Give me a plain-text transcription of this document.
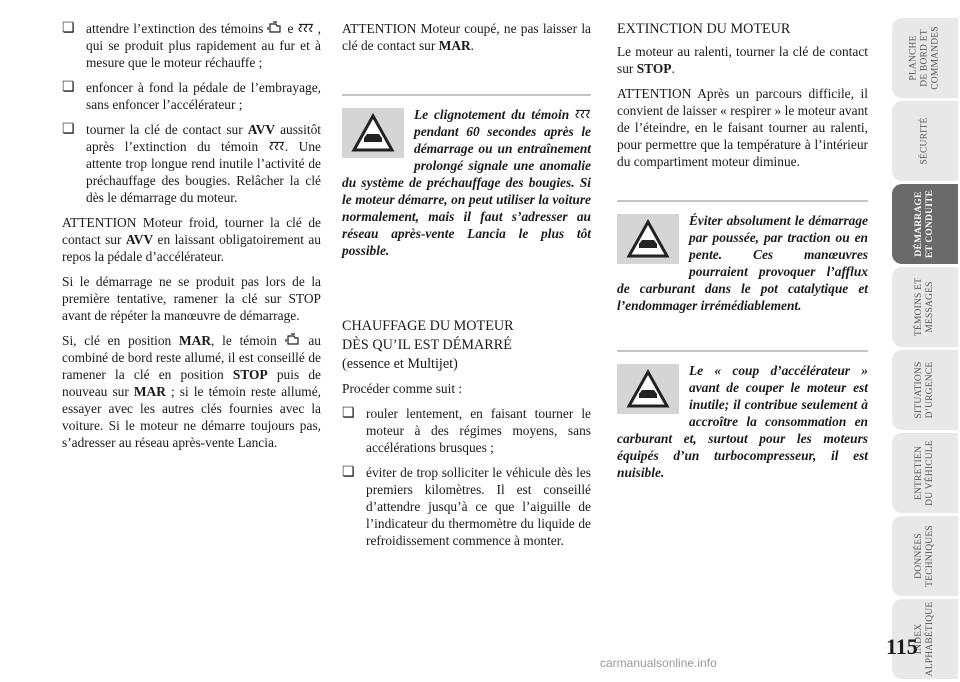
❏ attendre l’extinction des témoins e , qui se produit plus rapidement au fur et à mesure que le moteur réchauffe ;
❏ enfoncer à fond la pédale de l’embrayage, sans enfoncer l’accélérateur ;
❏ tourner la clé de contact sur AVV aussitôt après l’extinction du témoin . Une attente trop longue rend inutile l’activité de préchauffage des bougies. Relâcher la clé dès le démarrage du moteur.

ATTENTION Moteur froid, tourner la clé de contact sur AVV en laissant obligatoirement au repos la pédale d’accélérateur.

Si le démarrage ne se produit pas lors de la première tentative, ramener la clé sur STOP avant de répéter la manœuvre de démarrage.

Si, clé en position MAR, le témoin au combiné de bord reste allumé, il est conseillé de ramener la clé en position STOP puis de nouveau sur MAR ; si le témoin reste allumé, essayer avec les autres clés fournies avec la voiture. Si le moteur ne démarre toujours pas, s’adresser au réseau après-vente Lancia.

ATTENTION Moteur coupé, ne pas laisser la clé de contact sur MAR.

Le clignotement du témoin  pendant 60 secondes après le démarrage ou un entraînement prolongé signale une anomalie du système de préchauffage des bougies. Si le moteur démarre, on peut utiliser la voiture normalement, mais il faut s’adresser au réseau après-vente Lancia le plus tôt possible.

CHAUFFAGE DU MOTEUR

DÈS QU’IL EST DÉMARRÉ

(essence et Multijet)

Procéder comme suit :

❏ rouler lentement, en faisant tourner le moteur à des régimes moyens, sans accélérations brusques ;
❏ éviter de trop solliciter le véhicule dès les premiers kilomètres. Il est conseillé d’attendre jusqu’à ce que l’aiguille de l’indicateur du thermomètre du liquide de refroidissement commence à monter.

EXTINCTION DU MOTEUR

Le moteur au ralenti, tourner la clé de contact sur STOP.

ATTENTION Après un parcours difficile, il convient de laisser « respirer » le moteur avant de l’éteindre, en le faisant tourner au ralenti, pour permettre que la température à l’intérieur du compartiment moteur diminue.

Éviter absolument le démarrage par poussée, par traction ou en pente. Ces manœuvres pourraient provoquer l’afflux de carburant dans le pot catalytique et l’endommager irrémédiablement.
Le « coup d’accélérateur » avant de couper le moteur est inutile; il contribue seulement à accroître la consommation en carburant et, surtout pour les moteurs équipés d’un turbocompresseur, il est nuisible.
PLANCHE
DE BORD ET
COMMANDES
SÉCURITÉ
DÉMARRAGE
ET CONDUITE
TÉMOINS ET
MESSAGES
SITUATIONS
D’URGENCE
ENTRETIEN
DU VÉHICULE
DONNÉES
TECHNIQUES
INDEX
ALPHABÉTIQUE
115
carmanualsonline.info
